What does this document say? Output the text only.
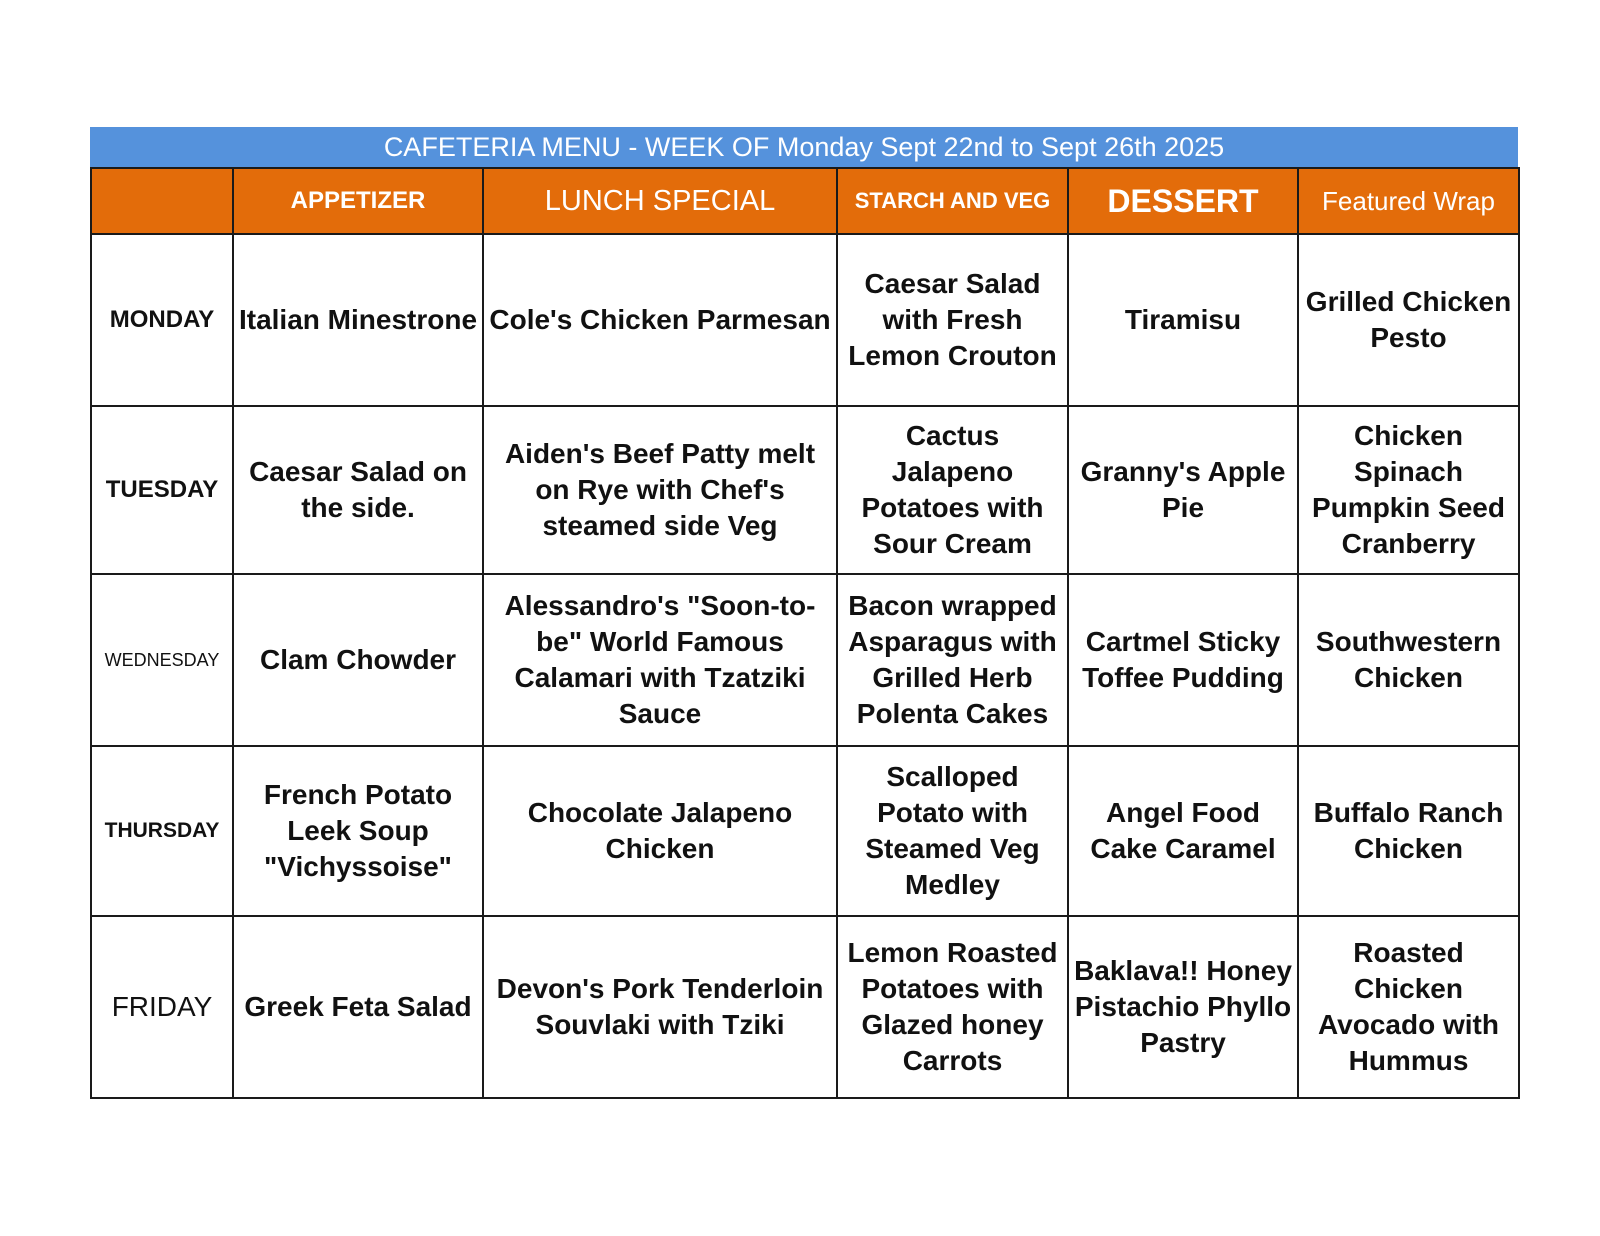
CAFETERIA MENU - WEEK OF Monday Sept 22nd to Sept 26th 2025
	APPETIZER	LUNCH SPECIAL	STARCH AND VEG	DESSERT	Featured Wrap
MONDAY	Italian Minestrone	Cole's Chicken Parmesan	Caesar Salad with Fresh Lemon Crouton	Tiramisu	Grilled Chicken Pesto
TUESDAY	Caesar Salad on the side.	Aiden's Beef Patty melt on Rye with Chef's steamed side Veg	Cactus Jalapeno Potatoes with Sour Cream	Granny's Apple Pie	Chicken Spinach Pumpkin Seed Cranberry
WEDNESDAY	Clam Chowder	Alessandro's "Soon-to-be" World Famous Calamari with Tzatziki Sauce	Bacon wrapped Asparagus with Grilled Herb Polenta Cakes	Cartmel Sticky Toffee Pudding	Southwestern Chicken
THURSDAY	French Potato Leek Soup "Vichyssoise"	Chocolate Jalapeno Chicken	Scalloped Potato with Steamed Veg Medley	Angel Food Cake Caramel	Buffalo Ranch Chicken
FRIDAY	Greek Feta Salad	Devon's Pork Tenderloin Souvlaki with Tziki	Lemon Roasted Potatoes with Glazed honey Carrots	Baklava!! Honey Pistachio Phyllo Pastry	Roasted Chicken Avocado with Hummus
